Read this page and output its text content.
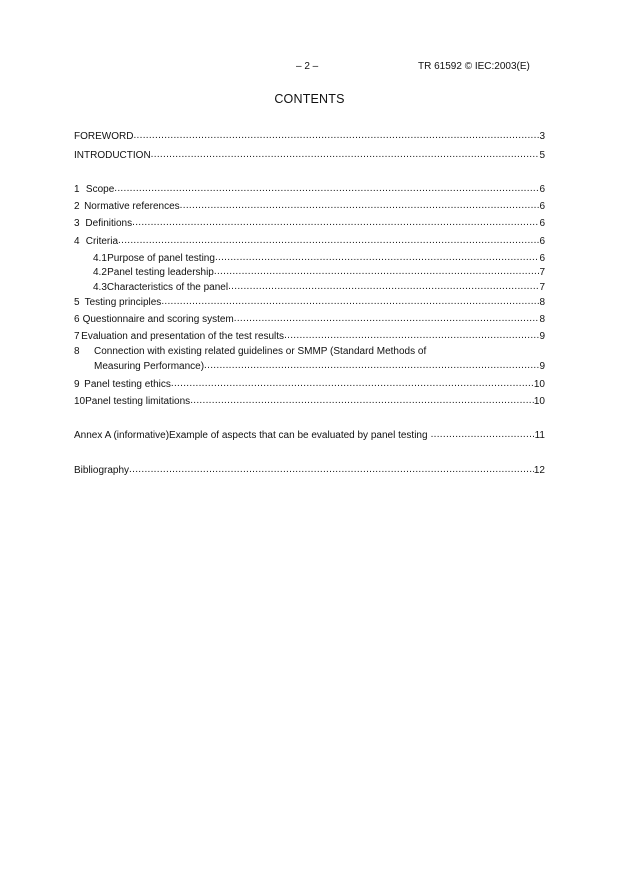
– 2 –	TR 61592 © IEC:2003(E)
CONTENTS
FOREWORD .....	3
INTRODUCTION .....	5
1 Scope .....	6
2 Normative references .....	6
3 Definitions .....	6
4 Criteria .....	6
4.1 Purpose of panel testing .....	6
4.2 Panel testing leadership .....	7
4.3 Characteristics of the panel .....	7
5 Testing principles .....	8
6 Questionnaire and scoring system .....	8
7 Evaluation and presentation of the test results .....	9
8 Connection with existing related guidelines or SMMP (Standard Methods of
Measuring Performance) .....	9
9 Panel testing ethics .....	10
10 Panel testing limitations .....	10
Annex A (informative) Example of aspects that can be evaluated by panel testing .....	11
Bibliography .....	12
